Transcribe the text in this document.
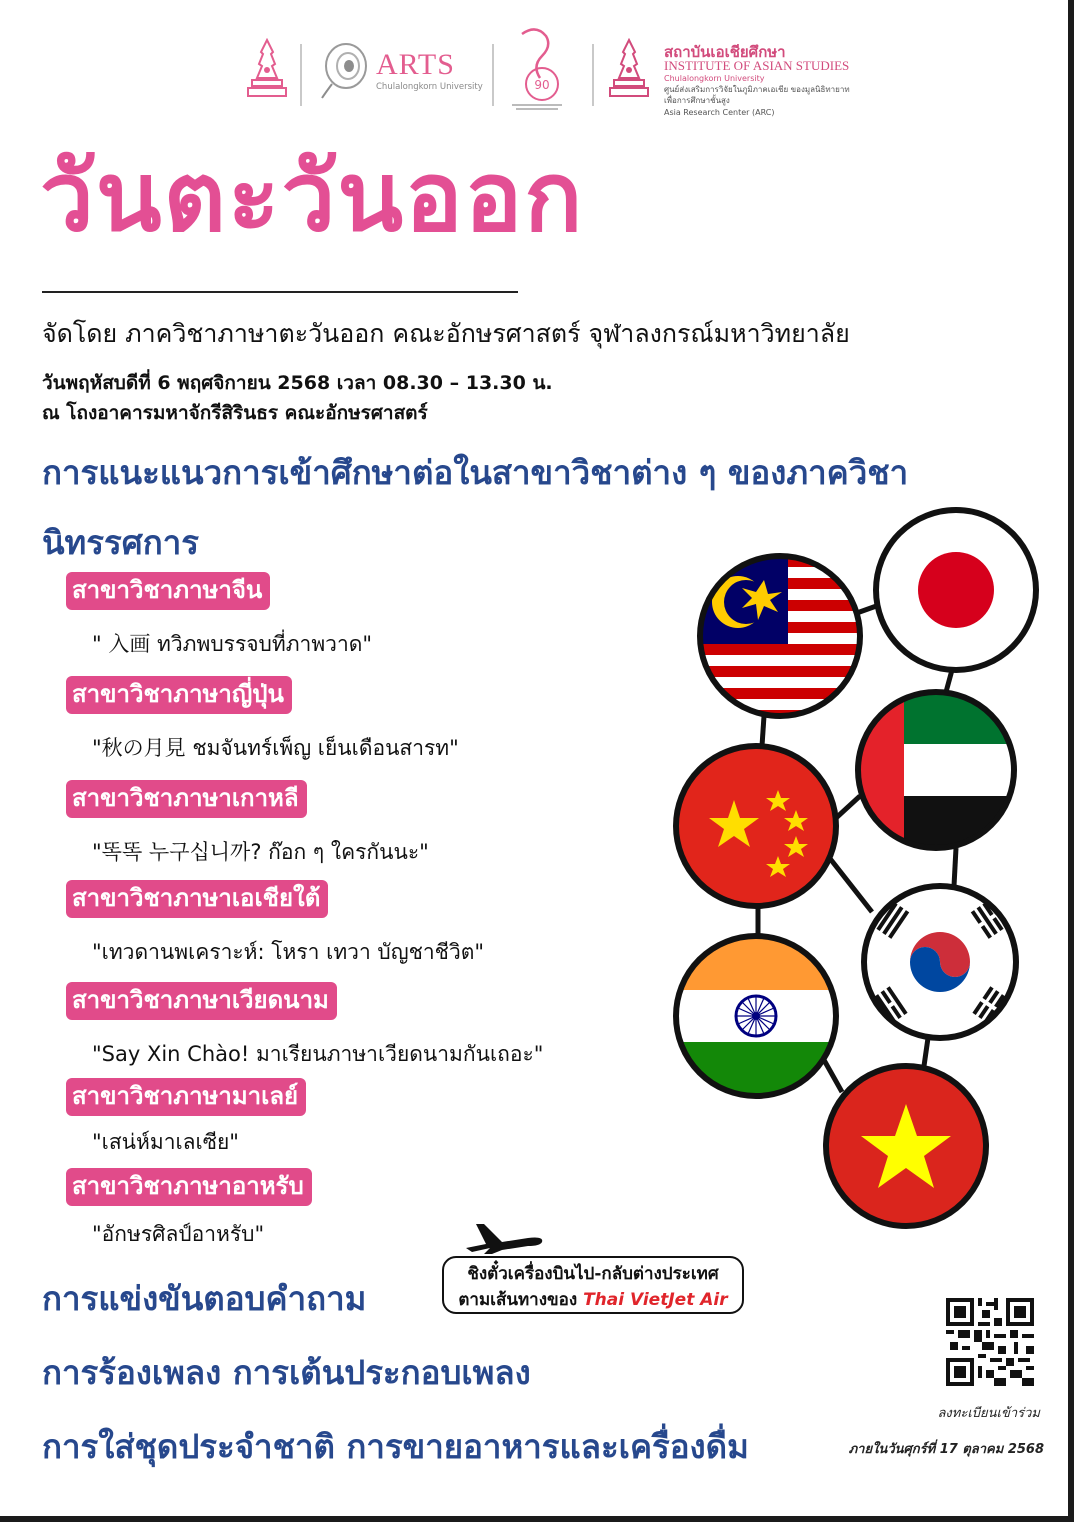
ARTS
Chulalongkorn University	90
สถาบันเอเชียศึกษา
INSTITUTE OF ASIAN STUDIES
Chulalongkorn University
ศูนย์ส่งเสริมการวิจัยในภูมิภาคเอเชีย ของมูลนิธิทายาทเพื่อการศึกษาชั้นสูง
Asia Research Center (ARC)
วันตะวันออก
จัดโดย ภาควิชาภาษาตะวันออก คณะอักษรศาสตร์ จุฬาลงกรณ์มหาวิทยาลัย
วันพฤหัสบดีที่ 6 พฤศจิกายน 2568 เวลา 08.30 – 13.30 น.
ณ โถงอาคารมหาจักรีสิรินธร คณะอักษรศาสตร์
การแนะแนวการเข้าศึกษาต่อในสาขาวิชาต่าง ๆ ของภาควิชา
นิทรรศการ
สาขาวิชาภาษาจีน
" 入画 ทวิภพบรรจบที่ภาพวาด"
สาขาวิชาภาษาญี่ปุ่น
"秋の月見 ชมจันทร์เพ็ญ เย็นเดือนสารท"
สาขาวิชาภาษาเกาหลี
"똑똑 누구십니까? ก๊อก ๆ ใครกันนะ"
สาขาวิชาภาษาเอเชียใต้
"เทวดานพเคราะห์: โหรา เทวา บัญชาชีวิต"
สาขาวิชาภาษาเวียดนาม
"Say Xin Chào! มาเรียนภาษาเวียดนามกันเถอะ"
สาขาวิชาภาษามาเลย์
"เสน่ห์มาเลเซีย"
สาขาวิชาภาษาอาหรับ
"อักษรศิลป์อาหรับ"
การแข่งขันตอบคำถาม
ชิงตั๋วเครื่องบินไป-กลับต่างประเทศ
ตามเส้นทางของ Thai VietJet Air
การร้องเพลง การเต้นประกอบเพลง
การใส่ชุดประจำชาติ การขายอาหารและเครื่องดื่ม
ลงทะเบียนเข้าร่วม
ภายในวันศุกร์ที่ 17 ตุลาคม 2568
